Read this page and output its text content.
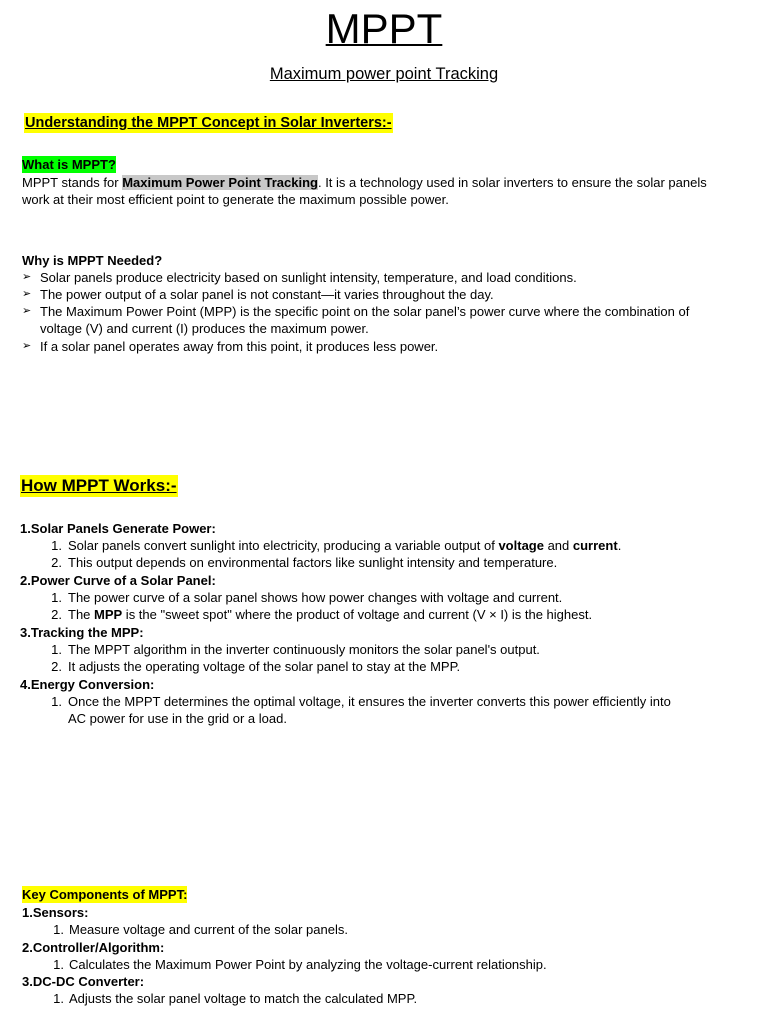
MPPT
Maximum power point Tracking
Understanding the MPPT Concept in Solar Inverters:-
What is MPPT?
MPPT stands for Maximum Power Point Tracking. It is a technology used in solar inverters to ensure the solar panels
work at their most efficient point to generate the maximum possible power.
Why is MPPT Needed?
➢ Solar panels produce electricity based on sunlight intensity, temperature, and load conditions.
➢ The power output of a solar panel is not constant—it varies throughout the day.
➢ The Maximum Power Point (MPP) is the specific point on the solar panel’s power curve where the combination of
voltage (V) and current (I) produces the maximum power.
➢ If a solar panel operates away from this point, it produces less power.
How MPPT Works:-
1.Solar Panels Generate Power:
1. Solar panels convert sunlight into electricity, producing a variable output of voltage and current.
2. This output depends on environmental factors like sunlight intensity and temperature.
2.Power Curve of a Solar Panel:
1. The power curve of a solar panel shows how power changes with voltage and current.
2. The MPP is the "sweet spot" where the product of voltage and current (V × I) is the highest.
3.Tracking the MPP:
1. The MPPT algorithm in the inverter continuously monitors the solar panel's output.
2. It adjusts the operating voltage of the solar panel to stay at the MPP.
4.Energy Conversion:
1. Once the MPPT determines the optimal voltage, it ensures the inverter converts this power efficiently into
AC power for use in the grid or a load.
Key Components of MPPT:
1.Sensors:
1. Measure voltage and current of the solar panels.
2.Controller/Algorithm:
1. Calculates the Maximum Power Point by analyzing the voltage-current relationship.
3.DC-DC Converter:
1. Adjusts the solar panel voltage to match the calculated MPP.
